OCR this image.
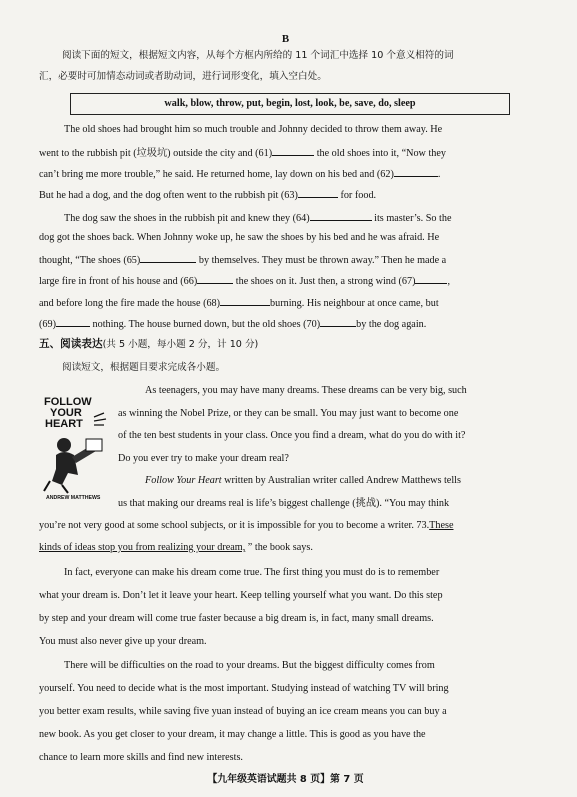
B
阅读下面的短文，根据短文内容，从每个方框内所给的 11 个词汇中选择 10 个意义相符的词
汇，必要时可加情态动词或者助动词，进行词形变化，填入空白处。
walk, blow, throw, put, begin, lost, look, be, save, do, sleep
The old shoes had brought him so much trouble and Johnny decided to throw them away. He
went to the rubbish pit (垃圾坑) outside the city and (61)	the old shoes into it, “Now they
can’t bring me more trouble,” he said. He returned home, lay down on his bed and (62)	.
But he had a dog, and the dog often went to the rubbish pit (63)	for food.
The dog saw the shoes in the rubbish pit and knew they (64)	its master’s. So the
dog got the shoes back. When Johnny woke up, he saw the shoes by his bed and he was afraid. He
thought, “The shoes (65)	by themselves. They must be thrown away.” Then he made a
large fire in front of his house and (66)	the shoes on it. Just then, a strong wind (67)	,
and before long the fire made the house (68)	burning. His neighbour at once came, but
(69)	nothing. The house burned down, but the old shoes (70)	by the dog again.
五、阅读表达(共 5 小题，每小题 2 分，计 10 分)
阅读短文，根据题目要求完成各小题。
FOLLOW
YOUR
HEART
ANDREW MATTHEWS
As teenagers, you may have many dreams. These dreams can be very big, such
as winning the Nobel Prize, or they can be small. You may just want to become one
of the ten best students in your class. Once you find a dream, what do you do with it?
Do you ever try to make your dream real?
Follow Your Heart written by Australian writer called Andrew Matthews tells
us that making our dreams real is life’s biggest challenge (挑战). “You may think
you’re not very good at some school subjects, or it is impossible for you to become a writer. 73.These
kinds of ideas stop you from realizing your dream, ” the book says.
In fact, everyone can make his dream come true. The first thing you must do is to remember
what your dream is. Don’t let it leave your heart. Keep telling yourself what you want. Do this step
by step and your dream will come true faster because a big dream is, in fact, many small dreams.
You must also never give up your dream.
There will be difficulties on the road to your dreams. But the biggest difficulty comes from
yourself. You need to decide what is the most important. Studying instead of watching TV will bring
you better exam results, while saving five yuan instead of buying an ice cream means you can buy a
new book. As you get closer to your dream, it may change a little. This is good as you have the
chance to learn more skills and find new interests.
【九年级英语试题共 8 页】第 7 页
